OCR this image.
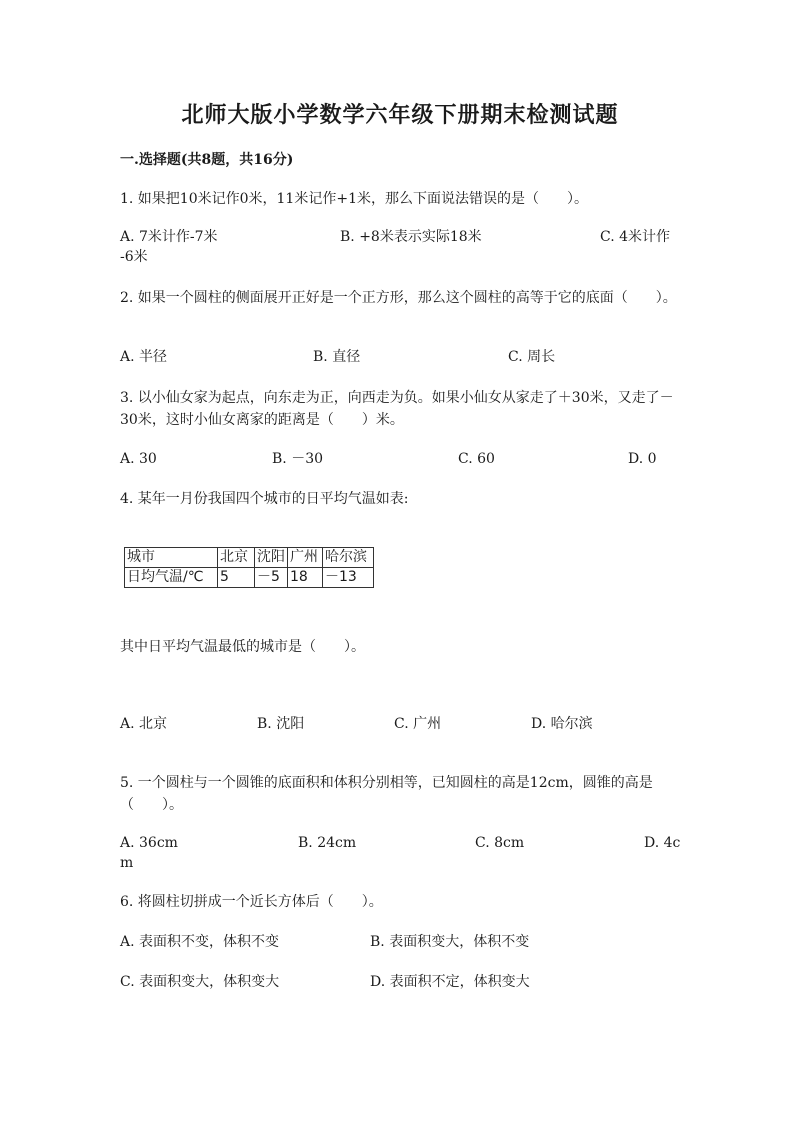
北师大版小学数学六年级下册期末检测试题
一.选择题(共8题，共16分)
1. 如果把10米记作0米，11米记作+1米，那么下面说法错误的是（　　）。
A. 7米计作-7米	B. +8米表示实际18米	C. 4米计作
-6米
2. 如果一个圆柱的侧面展开正好是一个正方形，那么这个圆柱的高等于它的底面（　　）。
A. 半径	B. 直径	C. 周长
3. 以小仙女家为起点，向东走为正，向西走为负。如果小仙女从家走了＋30米，又走了－30米，这时小仙女离家的距离是（　　）米。
A. 30	B. －30	C. 60	D. 0
4. 某年一月份我国四个城市的日平均气温如表:
城市	北京	沈阳	广州	哈尔滨
日均气温/℃	5	－5	18	－13
其中日平均气温最低的城市是（　　）。
A. 北京	B. 沈阳	C. 广州	D. 哈尔滨
5. 一个圆柱与一个圆锥的底面积和体积分别相等，已知圆柱的高是12cm，圆锥的高是（　　）。
A. 36cm	B. 24cm	C. 8cm	D. 4c
m
6. 将圆柱切拼成一个近长方体后（　　）。
A. 表面积不变，体积不变	B. 表面积变大，体积不变
C. 表面积变大，体积变大	D. 表面积不定，体积变大
